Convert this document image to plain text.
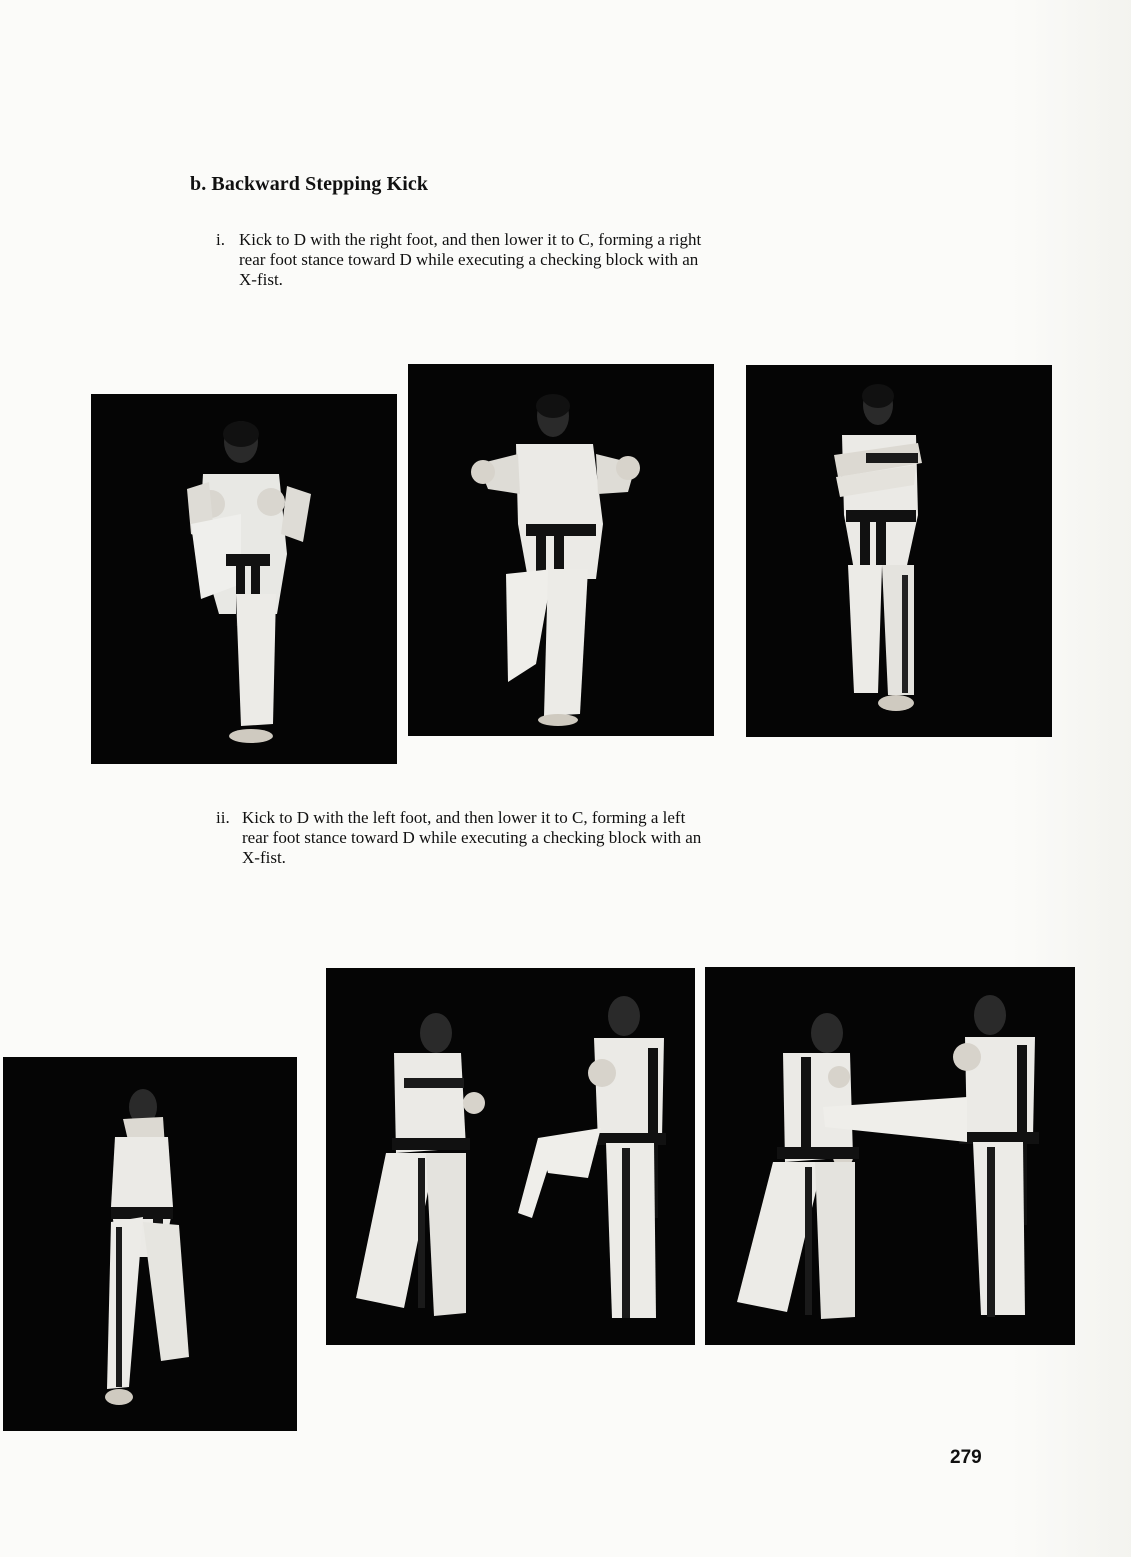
b. Backward Stepping Kick
i. Kick to D with the right foot, and then lower it to C, forming a right
rear foot stance toward D while executing a checking block with an
X-fist.
ii. Kick to D with the left foot, and then lower it to C, forming a left
rear foot stance toward D while executing a checking block with an
X-fist.
279
